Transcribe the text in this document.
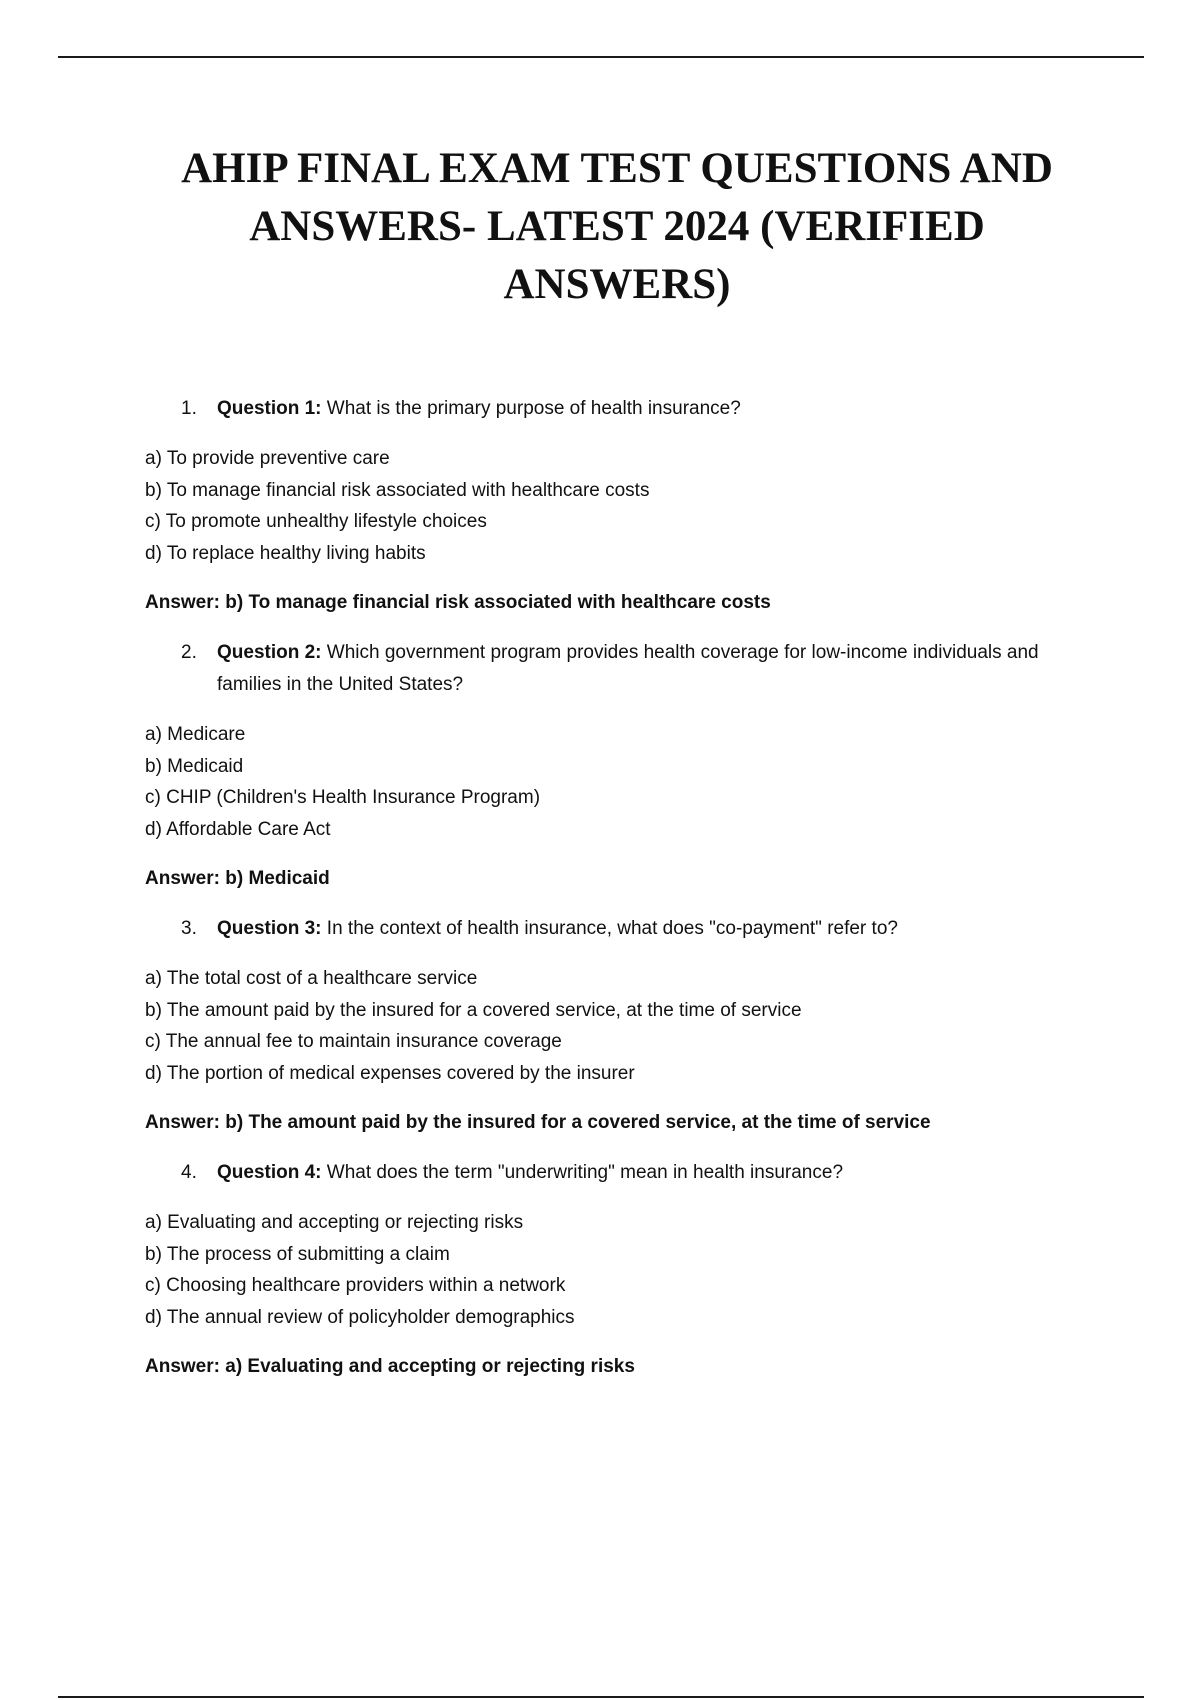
AHIP FINAL EXAM TEST QUESTIONS AND
ANSWERS- LATEST 2024 (VERIFIED
ANSWERS)
1.	Question 1: What is the primary purpose of health insurance?
a) To provide preventive care
b) To manage financial risk associated with healthcare costs
c) To promote unhealthy lifestyle choices
d) To replace healthy living habits

Answer: b) To manage financial risk associated with healthcare costs

2.	Question 2: Which government program provides health coverage for low-income individuals and families in the United States?
a) Medicare
b) Medicaid
c) CHIP (Children's Health Insurance Program)
d) Affordable Care Act

Answer: b) Medicaid

3.	Question 3: In the context of health insurance, what does "co-payment" refer to?
a) The total cost of a healthcare service
b) The amount paid by the insured for a covered service, at the time of service
c) The annual fee to maintain insurance coverage
d) The portion of medical expenses covered by the insurer

Answer: b) The amount paid by the insured for a covered service, at the time of service

4.	Question 4: What does the term "underwriting" mean in health insurance?
a) Evaluating and accepting or rejecting risks
b) The process of submitting a claim
c) Choosing healthcare providers within a network
d) The annual review of policyholder demographics

Answer: a) Evaluating and accepting or rejecting risks
